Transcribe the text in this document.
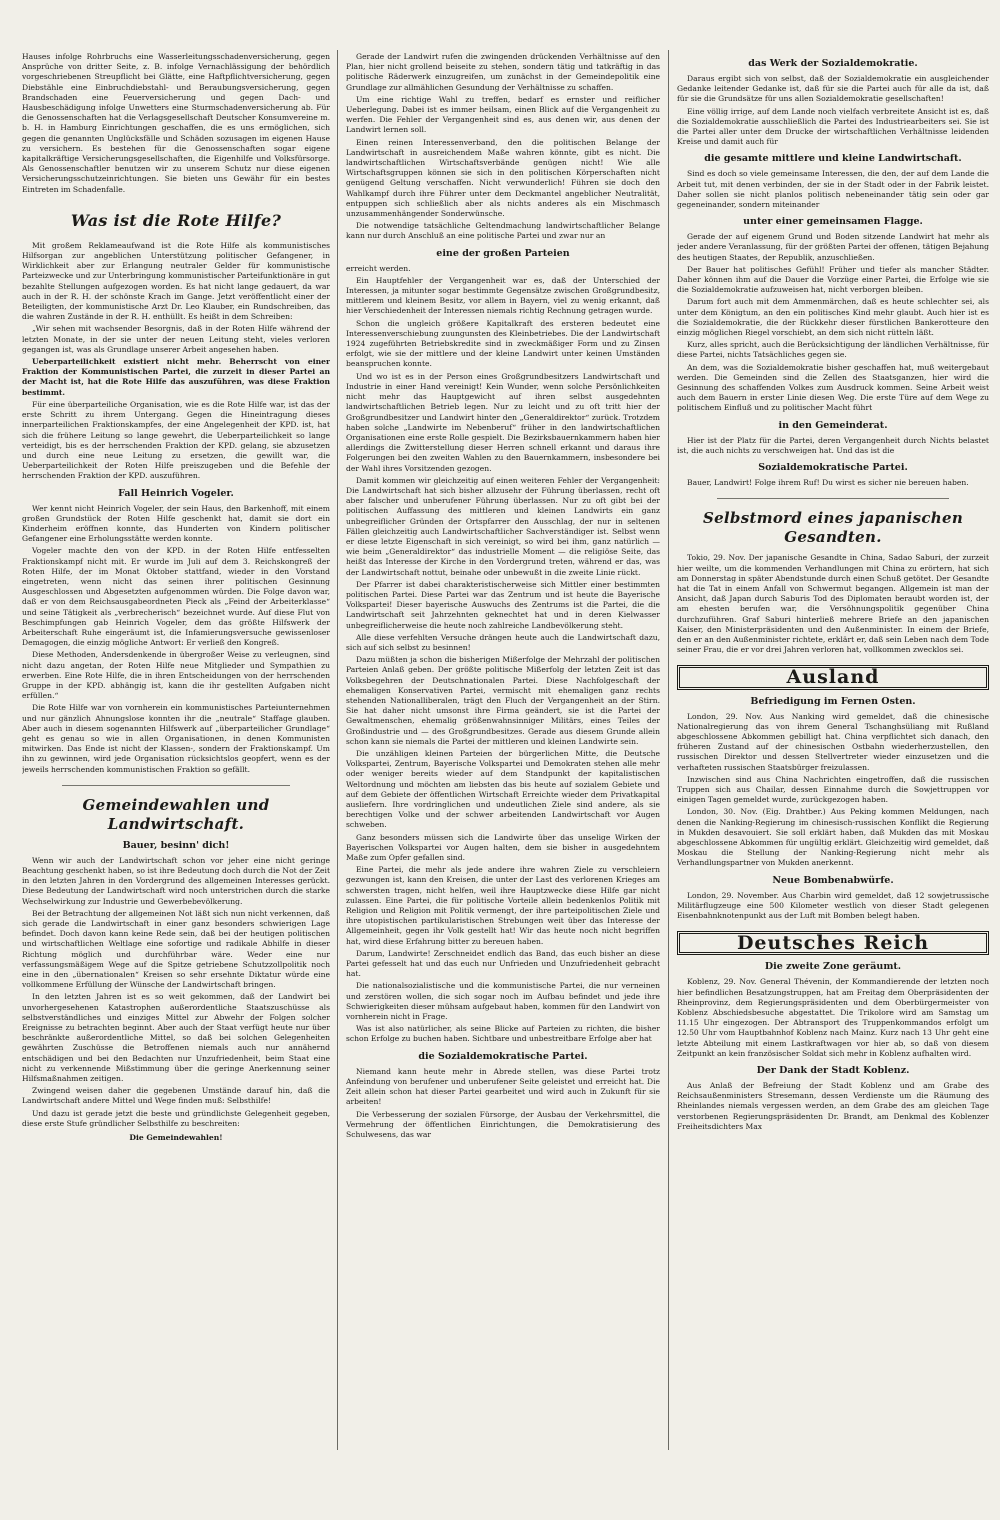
Hauses infolge Rohrbruchs eine Wasserleitungsschadenversicherung, gegen Ansprüche von dritter Seite, z. B. infolge Vernachlässigung der behördlich vorgeschriebenen Streupflicht bei Glätte, eine Haftpflichtversicherung, gegen Diebstähle eine Einbruchdiebstahl- und Beraubungsversicherung, gegen Brandschaden eine Feuerversicherung und gegen Dach- und Hausbeschädigung infolge Unwetters eine Sturmschadenversicherung ab. Für die Genossenschaften hat die Verlagsgesellschaft Deutscher Konsumvereine m. b. H. in Hamburg Einrichtungen geschaffen, die es uns ermöglichen, sich gegen die genannten Unglücksfälle und Schäden sozusagen im eigenen Hause zu versichern. Es bestehen für die Genossenschaften sogar eigene kapitalkräftige Versicherungsgesellschaften, die Eigenhilfe und Volksfürsorge. Als Genossenschaftler benutzen wir zu unserem Schutz nur diese eigenen Versicherungsschutzeinrichtungen. Sie bieten uns Gewähr für ein bestes Eintreten im Schadenfalle.

Was ist die Rote Hilfe?

Mit großem Reklameaufwand ist die Rote Hilfe als kommunistisches Hilfsorgan zur angeblichen Unterstützung politischer Gefangener, in Wirklichkeit aber zur Erlangung neutraler Gelder für kommunistische Parteizwecke und zur Unterbringung kommunistischer Parteifunktionäre in gut bezahlte Stellungen aufgezogen worden. Es hat nicht lange gedauert, da war auch in der R. H. der schönste Krach im Gange. Jetzt veröffentlicht einer der Beteiligten, der kommunistische Arzt Dr. Leo Klauber, ein Rundschreiben, das die wahren Zustände in der R. H. enthüllt. Es heißt in dem Schreiben:

„Wir sehen mit wachsender Besorgnis, daß in der Roten Hilfe während der letzten Monate, in der sie unter der neuen Leitung steht, vieles verloren gegangen ist, was als Grundlage unserer Arbeit angesehen haben.

Ueberparteilichkeit existiert nicht mehr. Beherrscht von einer Fraktion der Kommunistischen Partei, die zurzeit in dieser Partei an der Macht ist, hat die Rote Hilfe das auszuführen, was diese Fraktion bestimmt.

Für eine überparteiliche Organisation, wie es die Rote Hilfe war, ist das der erste Schritt zu ihrem Untergang. Gegen die Hineintragung dieses innerparteilichen Fraktionskampfes, der eine Angelegenheit der KPD. ist, hat sich die frühere Leitung so lange gewehrt, die Ueberparteilichkeit so lange verteidigt, bis es der herrschenden Fraktion der KPD. gelang, sie abzusetzen und durch eine neue Leitung zu ersetzen, die gewillt war, die Ueberparteilichkeit der Roten Hilfe preiszugeben und die Befehle der herrschenden Fraktion der KPD. auszuführen.

Fall Heinrich Vogeler.

Wer kennt nicht Heinrich Vogeler, der sein Haus, den Barkenhoff, mit einem großen Grundstück der Roten Hilfe geschenkt hat, damit sie dort ein Kinderheim eröffnen konnte, das Hunderten von Kindern politischer Gefangener eine Erholungsstätte werden konnte.

Vogeler machte den von der KPD. in der Roten Hilfe entfesselten Fraktionskampf nicht mit. Er wurde im Juli auf dem 3. Reichskongreß der Roten Hilfe, der im Monat Oktober stattfand, wieder in den Vorstand eingetreten, wenn nicht das seinen ihrer politischen Gesinnung Ausgeschlossen und Abgesetzten aufgenommen würden. Die Folge davon war, daß er von dem Reichsausgabeordneten Pieck als „Feind der Arbeiterklasse“ und seine Tätigkeit als „verbrecherisch“ bezeichnet wurde. Auf diese Flut von Beschimpfungen gab Heinrich Vogeler, dem das größte Hilfswerk der Arbeiterschaft Ruhe eingeräumt ist, die Infamierungsversuche gewissenloser Demagogen, die einzig mögliche Antwort: Er verließ den Kongreß.

Diese Methoden, Andersdenkende in übergroßer Weise zu verleugnen, sind nicht dazu angetan, der Roten Hilfe neue Mitglieder und Sympathien zu erwerben. Eine Rote Hilfe, die in ihren Entscheidungen von der herrschenden Gruppe in der KPD. abhängig ist, kann die ihr gestellten Aufgaben nicht erfüllen.“

Die Rote Hilfe war von vornherein ein kommunistisches Parteiunternehmen und nur gänzlich Ahnungslose konnten ihr die „neutrale“ Staffage glauben. Aber auch in diesem sogenannten Hilfswerk auf „überparteilicher Grundlage“ geht es genau so wie in allen Organisationen, in denen Kommunisten mitwirken. Das Ende ist nicht der Klassen-, sondern der Fraktionskampf. Um ihn zu gewinnen, wird jede Organisation rücksichtslos geopfert, wenn es der jeweils herrschenden kommunistischen Fraktion so gefällt.

Gemeindewahlen und Landwirtschaft.
Bauer, besinn' dich!

Wenn wir auch der Landwirtschaft schon vor jeher eine nicht geringe Beachtung geschenkt haben, so ist ihre Bedeutung doch durch die Not der Zeit in den letzten Jahren in den Vordergrund des allgemeinen Interesses gerückt. Diese Bedeutung der Landwirtschaft wird noch unterstrichen durch die starke Wechselwirkung zur Industrie und Gewerbebevölkerung.

Bei der Betrachtung der allgemeinen Not läßt sich nun nicht verkennen, daß sich gerade die Landwirtschaft in einer ganz besonders schwierigen Lage befindet. Doch davon kann keine Rede sein, daß bei der heutigen politischen und wirtschaftlichen Weltlage eine sofortige und radikale Abhilfe in dieser Richtung möglich und durchführbar wäre. Weder eine nur verfassungsmäßigem Wege auf die Spitze getriebene Schutzzollpolitik noch eine in den „übernationalen“ Kreisen so sehr ersehnte Diktatur würde eine vollkommene Erfüllung der Wünsche der Landwirtschaft bringen.

In den letzten Jahren ist es so weit gekommen, daß der Landwirt bei unvorhergesehenen Katastrophen außerordentliche Staatszuschüsse als selbstverständliches und einziges Mittel zur Abwehr der Folgen solcher Ereignisse zu betrachten beginnt. Aber auch der Staat verfügt heute nur über beschränkte außerordentliche Mittel, so daß bei solchen Gelegenheiten gewährten Zuschüsse die Betroffenen niemals auch nur annähernd entschädigen und bei den Bedachten nur Unzufriedenheit, beim Staat eine nicht zu verkennende Mißstimmung über die geringe Anerkennung seiner Hilfsmaßnahmen zeitigen.

Zwingend weisen daher die gegebenen Umstände darauf hin, daß die Landwirtschaft andere Mittel und Wege finden muß: Selbsthilfe!

Und dazu ist gerade jetzt die beste und gründlichste Gelegenheit gegeben, diese erste Stufe gründlicher Selbsthilfe zu beschreiten:

Die Gemeindewahlen!

Gerade der Landwirt rufen die zwingenden drückenden Verhältnisse auf den Plan, hier nicht grollend beiseite zu stehen, sondern tätig und tatkräftig in das politische Räderwerk einzugreifen, um zunächst in der Gemeindepolitik eine Grundlage zur allmählichen Gesundung der Verhältnisse zu schaffen.

Um eine richtige Wahl zu treffen, bedarf es ernster und reiflicher Ueberlegung. Dabei ist es immer heilsam, einen Blick auf die Vergangenheit zu werfen. Die Fehler der Vergangenheit sind es, aus denen wir, aus denen der Landwirt lernen soll.

Einen reinen Interessenverband, den die politischen Belange der Landwirtschaft in ausreichendem Maße wahren könnte, gibt es nicht. Die landwirtschaftlichen Wirtschaftsverbände genügen nicht! Wie alle Wirtschaftsgruppen können sie sich in den politischen Körperschaften nicht genügend Geltung verschaffen. Nicht verwunderlich! Führen sie doch den Wahlkampf durch ihre Führer unter dem Deckmantel angeblicher Neutralität, entpuppen sich schließlich aber als nichts anderes als ein Mischmasch unzusammenhängender Sonderwünsche.

Die notwendige tatsächliche Geltendmachung landwirtschaftlicher Belange kann nur durch Anschluß an eine politische Partei und zwar nur an

eine der großen Parteien

erreicht werden.

Ein Hauptfehler der Vergangenheit war es, daß der Unterschied der Interessen, ja mitunter sogar bestimmte Gegensätze zwischen Großgrundbesitz, mittlerem und kleinem Besitz, vor allem in Bayern, viel zu wenig erkannt, daß hier Verschiedenheit der Interessen niemals richtig Rechnung getragen wurde.

Schon die ungleich größere Kapitalkraft des ersteren bedeutet eine Interessenverschiebung zuungunsten des Kleinbetriebes. Die der Landwirtschaft 1924 zugeführten Betriebskredite sind in zweckmäßiger Form und zu Zinsen erfolgt, wie sie der mittlere und der kleine Landwirt unter keinen Umständen beanspruchen konnte.

Und wo ist es in der Person eines Großgrundbesitzers Landwirtschaft und Industrie in einer Hand vereinigt! Kein Wunder, wenn solche Persönlichkeiten nicht mehr das Hauptgewicht auf ihren selbst ausgedehnten landwirtschaftlichen Betrieb legen. Nur zu leicht und zu oft tritt hier der Großgrundbesitzer und Landwirt hinter den „Generaldirektor“ zurück. Trotzdem haben solche „Landwirte im Nebenberuf“ früher in den landwirtschaftlichen Organisationen eine erste Rolle gespielt. Die Bezirksbauernkammern haben hier allerdings die Zwitterstellung dieser Herren schnell erkannt und daraus ihre Folgerungen bei den zweiten Wahlen zu den Bauernkammern, insbesondere bei der Wahl ihres Vorsitzenden gezogen.

Damit kommen wir gleichzeitig auf einen weiteren Fehler der Vergangenheit: Die Landwirtschaft hat sich bisher allzusehr der Führung überlassen, recht oft aber falscher und unberufener Führung überlassen. Nur zu oft gibt bei der politischen Auffassung des mittleren und kleinen Landwirts ein ganz unbegreiflicher Gründen der Ortspfarrer den Ausschlag, der nur in seltenen Fällen gleichzeitig auch Landwirtschaftlicher Sachverständiger ist. Selbst wenn er diese letzte Eigenschaft in sich vereinigt, so wird bei ihm, ganz natürlich — wie beim „Generaldirektor“ das industrielle Moment — die religiöse Seite, das heißt das Interesse der Kirche in den Vordergrund treten, während er das, was der Landwirtschaft nottut, beinahe oder unbewußt in die zweite Linie rückt.

Der Pfarrer ist dabei charakteristischerweise sich Mittler einer bestimmten politischen Partei. Diese Partei war das Zentrum und ist heute die Bayerische Volkspartei! Dieser bayerische Auswuchs des Zentrums ist die Partei, die die Landwirtschaft seit Jahrzehnten geknechtet hat und in deren Kielwasser unbegreiflicherweise die heute noch zahlreiche Landbevölkerung steht.

Alle diese verfehlten Versuche drängen heute auch die Landwirtschaft dazu, sich auf sich selbst zu besinnen!

Dazu müßten ja schon die bisherigen Mißerfolge der Mehrzahl der politischen Parteien Anlaß geben. Der größte politische Mißerfolg der letzten Zeit ist das Volksbegehren der Deutschnationalen Partei. Diese Nachfolgeschaft der ehemaligen Konservativen Partei, vermischt mit ehemaligen ganz rechts stehenden Nationalliberalen, trägt den Fluch der Vergangenheit an der Stirn. Sie hat daher nicht umsonst ihre Firma geändert, sie ist die Partei der Gewaltmenschen, ehemalig größenwahnsinniger Militärs, eines Teiles der Großindustrie und — des Großgrundbesitzes. Gerade aus diesem Grunde allein schon kann sie niemals die Partei der mittleren und kleinen Landwirte sein.

Die unzähligen kleinen Parteien der bürgerlichen Mitte, die Deutsche Volkspartei, Zentrum, Bayerische Volkspartei und Demokraten stehen alle mehr oder weniger bereits wieder auf dem Standpunkt der kapitalistischen Weltordnung und möchten am liebsten das bis heute auf sozialem Gebiete und auf dem Gebiete der öffentlichen Wirtschaft Erreichte wieder dem Privatkapital ausliefern. Ihre vordringlichen und undeutlichen Ziele sind andere, als sie berechtigen Volke und der schwer arbeitenden Landwirtschaft vor Augen schweben.

Ganz besonders müssen sich die Landwirte über das unselige Wirken der Bayerischen Volkspartei vor Augen halten, dem sie bisher in ausgedehntem Maße zum Opfer gefallen sind.

Eine Partei, die mehr als jede andere ihre wahren Ziele zu verschleiern gezwungen ist, kann den Kreisen, die unter der Last des verlorenen Krieges am schwersten tragen, nicht helfen, weil ihre Hauptzwecke diese Hilfe gar nicht zulassen. Eine Partei, die für politische Vorteile allein bedenkenlos Politik mit Religion und Religion mit Politik vermengt, der ihre parteipolitischen Ziele und ihre utopistischen partikularistischen Strebungen weit über das Interesse der Allgemeinheit, gegen ihr Volk gestellt hat! Wir das heute noch nicht begriffen hat, wird diese Erfahrung bitter zu bereuen haben.

Darum, Landwirte! Zerschneidet endlich das Band, das euch bisher an diese Partei gefesselt hat und das euch nur Unfrieden und Unzufriedenheit gebracht hat.

Die nationalsozialistische und die kommunistische Partei, die nur verneinen und zerstören wollen, die sich sogar noch im Aufbau befindet und jede ihre Schwierigkeiten dieser mühsam aufgebaut haben, kommen für den Landwirt von vornherein nicht in Frage.

Was ist also natürlicher, als seine Blicke auf Parteien zu richten, die bisher schon Erfolge zu buchen haben. Sichtbare und unbestreitbare Erfolge aber hat

die Sozialdemokratische Partei.

Niemand kann heute mehr in Abrede stellen, was diese Partei trotz Anfeindung von berufener und unberufener Seite geleistet und erreicht hat. Die Zeit allein schon hat dieser Partei gearbeitet und wird auch in Zukunft für sie arbeiten!

Die Verbesserung der sozialen Fürsorge, der Ausbau der Verkehrsmittel, die Vermehrung der öffentlichen Einrichtungen, die Demokratisierung des Schulwesens, das war

das Werk der Sozialdemokratie.

Daraus ergibt sich von selbst, daß der Sozialdemokratie ein ausgleichender Gedanke leitender Gedanke ist, daß für sie die Partei auch für alle da ist, daß für sie die Grundsätze für uns allen Sozialdemokratie gesellschaften!

Eine völlig irrige, auf dem Lande noch vielfach verbreitete Ansicht ist es, daß die Sozialdemokratie ausschließlich die Partei des Industriearbeiters sei. Sie ist die Partei aller unter dem Drucke der wirtschaftlichen Verhältnisse leidenden Kreise und damit auch für

die gesamte mittlere und kleine Landwirtschaft.

Sind es doch so viele gemeinsame Interessen, die den, der auf dem Lande die Arbeit tut, mit denen verbinden, der sie in der Stadt oder in der Fabrik leistet. Daher sollen sie nicht planlos politisch nebeneinander tätig sein oder gar gegeneinander, sondern miteinander

unter einer gemeinsamen Flagge.

Gerade der auf eigenem Grund und Boden sitzende Landwirt hat mehr als jeder andere Veranlassung, für der größten Partei der offenen, tätigen Bejahung des heutigen Staates, der Republik, anzuschließen.

Der Bauer hat politisches Gefühl! Früher und tiefer als mancher Städter. Daher können ihm auf die Dauer die Vorzüge einer Partei, die Erfolge wie sie die Sozialdemokratie aufzuweisen hat, nicht verborgen bleiben.

Darum fort auch mit dem Ammenmärchen, daß es heute schlechter sei, als unter dem Königtum, an den ein politisches Kind mehr glaubt. Auch hier ist es die Sozialdemokratie, die der Rückkehr dieser fürstlichen Bankerotteure den einzig möglichen Riegel vorschiebt, an dem sich nicht rütteln läßt.

Kurz, alles spricht, auch die Berücksichtigung der ländlichen Verhältnisse, für diese Partei, nichts Tatsächliches gegen sie.

An dem, was die Sozialdemokratie bisher geschaffen hat, muß weitergebaut werden. Die Gemeinden sind die Zellen des Staatsganzen, hier wird die Gesinnung des schaffenden Volkes zum Ausdruck kommen. Seine Arbeit weist auch dem Bauern in erster Linie diesen Weg. Die erste Türe auf dem Wege zu politischem Einfluß und zu politischer Macht führt

in den Gemeinderat.

Hier ist der Platz für die Partei, deren Vergangenheit durch Nichts belastet ist, die auch nichts zu verschweigen hat. Und das ist die

Sozialdemokratische Partei.

Bauer, Landwirt! Folge ihrem Ruf! Du wirst es sicher nie bereuen haben.

Selbstmord eines japanischen Gesandten.

Tokio, 29. Nov. Der japanische Gesandte in China, Sadao Saburi, der zurzeit hier weilte, um die kommenden Verhandlungen mit China zu erörtern, hat sich am Donnerstag in später Abendstunde durch einen Schuß getötet. Der Gesandte hat die Tat in einem Anfall von Schwermut begangen. Allgemein ist man der Ansicht, daß Japan durch Saburis Tod des Diplomaten beraubt worden ist, der am ehesten berufen war, die Versöhnungspolitik gegenüber China durchzuführen. Graf Saburi hinterließ mehrere Briefe an den japanischen Kaiser, den Ministerpräsidenten und den Außenminister. In einem der Briefe, den er an den Außenminister richtete, erklärt er, daß sein Leben nach dem Tode seiner Frau, die er vor drei Jahren verloren hat, vollkommen zwecklos sei.

Ausland
Befriedigung im Fernen Osten.

London, 29. Nov. Aus Nanking wird gemeldet, daß die chinesische Nationalregierung das von ihrem General Tschanghsüliang mit Rußland abgeschlossene Abkommen gebilligt hat. China verpflichtet sich danach, den früheren Zustand auf der chinesischen Ostbahn wiederherzustellen, den russischen Direktor und dessen Stellvertreter wieder einzusetzen und die verhafteten russischen Staatsbürger freizulassen.

Inzwischen sind aus China Nachrichten eingetroffen, daß die russischen Truppen sich aus Chailar, dessen Einnahme durch die Sowjettruppen vor einigen Tagen gemeldet wurde, zurückgezogen haben.

London, 30. Nov. (Eig. Drahtber.) Aus Peking kommen Meldungen, nach denen die Nanking-Regierung im chinesisch-russischen Konflikt die Regierung in Mukden desavouiert. Sie soll erklärt haben, daß Mukden das mit Moskau abgeschlossene Abkommen für ungültig erklärt. Gleichzeitig wird gemeldet, daß Moskau die Stellung der Nanking-Regierung nicht mehr als Verhandlungspartner von Mukden anerkennt.

Neue Bombenabwürfe.

London, 29. November. Aus Charbin wird gemeldet, daß 12 sowjetrussische Militärflugzeuge eine 500 Kilometer westlich von dieser Stadt gelegenen Eisenbahnknotenpunkt aus der Luft mit Bomben belegt haben.

Deutsches Reich
Die zweite Zone geräumt.

Koblenz, 29. Nov. General Thévenin, der Kommandierende der letzten noch hier befindlichen Besatzungstruppen, hat am Freitag dem Oberpräsidenten der Rheinprovinz, dem Regierungspräsidenten und dem Oberbürgermeister von Koblenz Abschiedsbesuche abgestattet. Die Trikolore wird am Samstag um 11.15 Uhr eingezogen. Der Abtransport des Truppenkommandos erfolgt um 12.50 Uhr vom Hauptbahnhof Koblenz nach Mainz. Kurz nach 13 Uhr geht eine letzte Abteilung mit einem Lastkraftwagen vor hier ab, so daß von diesem Zeitpunkt an kein französischer Soldat sich mehr in Koblenz aufhalten wird.

Der Dank der Stadt Koblenz.

Aus Anlaß der Befreiung der Stadt Koblenz und am Grabe des Reichsaußenministers Stresemann, dessen Verdienste um die Räumung des Rheinlandes niemals vergessen werden, an dem Grabe des am gleichen Tage verstorbenen Regierungspräsidenten Dr. Brandt, am Denkmal des Koblenzer Freiheitsdichters Max
